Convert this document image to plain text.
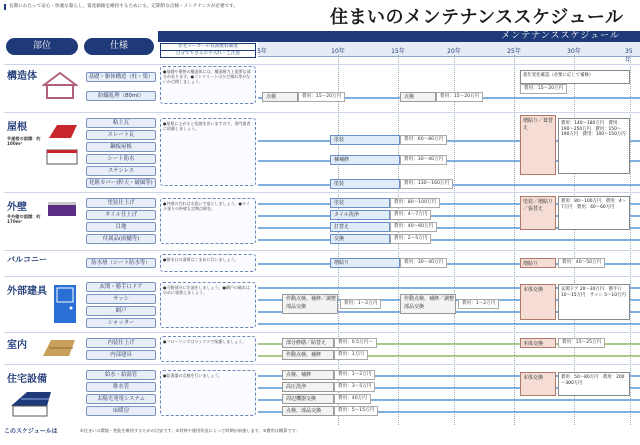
長期にわたって安心・快適な暮らし、資産価値を維持するためにも、定期的な点検・メンテナンスが必要です。
住まいのメンテナンススケジュール
部位	仕様
メンテナンススケジュール
住宅メーカーの長期無料制度
自分でできるお手入れ・ご注意	5年	10年	15年	20年	25年	30年	35年
構造体	基礎・躯体構造（柱・梁）
防蟻処理（80ml）
●基礎や建物の構造体には、構造耐力上重要な部分があります。●コンクリートのひび割れ等がないか点検しましょう。
点検	費用：15～20万円	点検	費用：15～20万円
超年変化確認（必要に応じて補修）
費用：15～20万円
屋根
※屋根の面積：約100m²
粘土瓦
スレート瓦
鋼板屋根
シート防水
ステンレス
化粧カバー(軒天・破風等)
●屋根に上がると危険を伴いますので、専門業者に依頼しましょう。
塗装	費用：60～80万円
棟補修	費用：30～40万円
塗装	費用：130～160万円
増貼り／葺替え
費用：140～180万円　費用：190～250万円　費用：150～190万円　費用：100～150万円
外壁
※外壁の面積：約170m²
塗装仕上げ
タイル仕上げ
目地
付属品(雨樋等)
●外壁の汚れは水洗いで落としましょう。●タイル張りの外壁も定期点検を。
塗装	費用：80～100万円
タイル洗浄	費用：4～7万円
打替え	費用：40～60万円
交換	費用：2～5万円
塗装／増貼り／張替え
費用：80～100万円　費用：4～7万円　費用：40～60万円
バルコニー	防水層（シート防水等）
●排水口の清掃はこまめに行いましょう。
増貼り	費用：30～40万円	増貼り	費用：40～50万円
外部建具	玄関・勝手口ドア
サッシ
網戸
シャッター
●可動部分に注油をしましょう。●網戸の破れは早めに張替えましょう。
作動点検、補修／調整部品交換
費用：1～2万円
作動点検、補修／調整部品交換
費用：1～2万円
本体交換	玄関ドア 20～30万円　勝手口 10～15万円　サッシ 5～10万円
室内	内装仕上げ
内部建具
●フローリングはワックスで保護しましょう。	部分修繕／貼替え	費用：0.5万円～
作動点検、補修	費用：1万円
本体交換	費用：15～25万円
住宅設備	給水・給湯管
排水管
太陽光発電システム
床暖房
●給湯器の点検を行いましょう。	点検、補修	費用：1～2万円
高圧洗浄	費用：3～5万円
周辺機器交換	費用：40万円
点検、部品交換	費用：5～15万円
本体交換	費用：50～80万円　費用：200～300万円
このスケジュールは	①住まいの環境・性能を維持するための目安です。②材料や使用状況によって時期が前後します。③費用は概算です。
